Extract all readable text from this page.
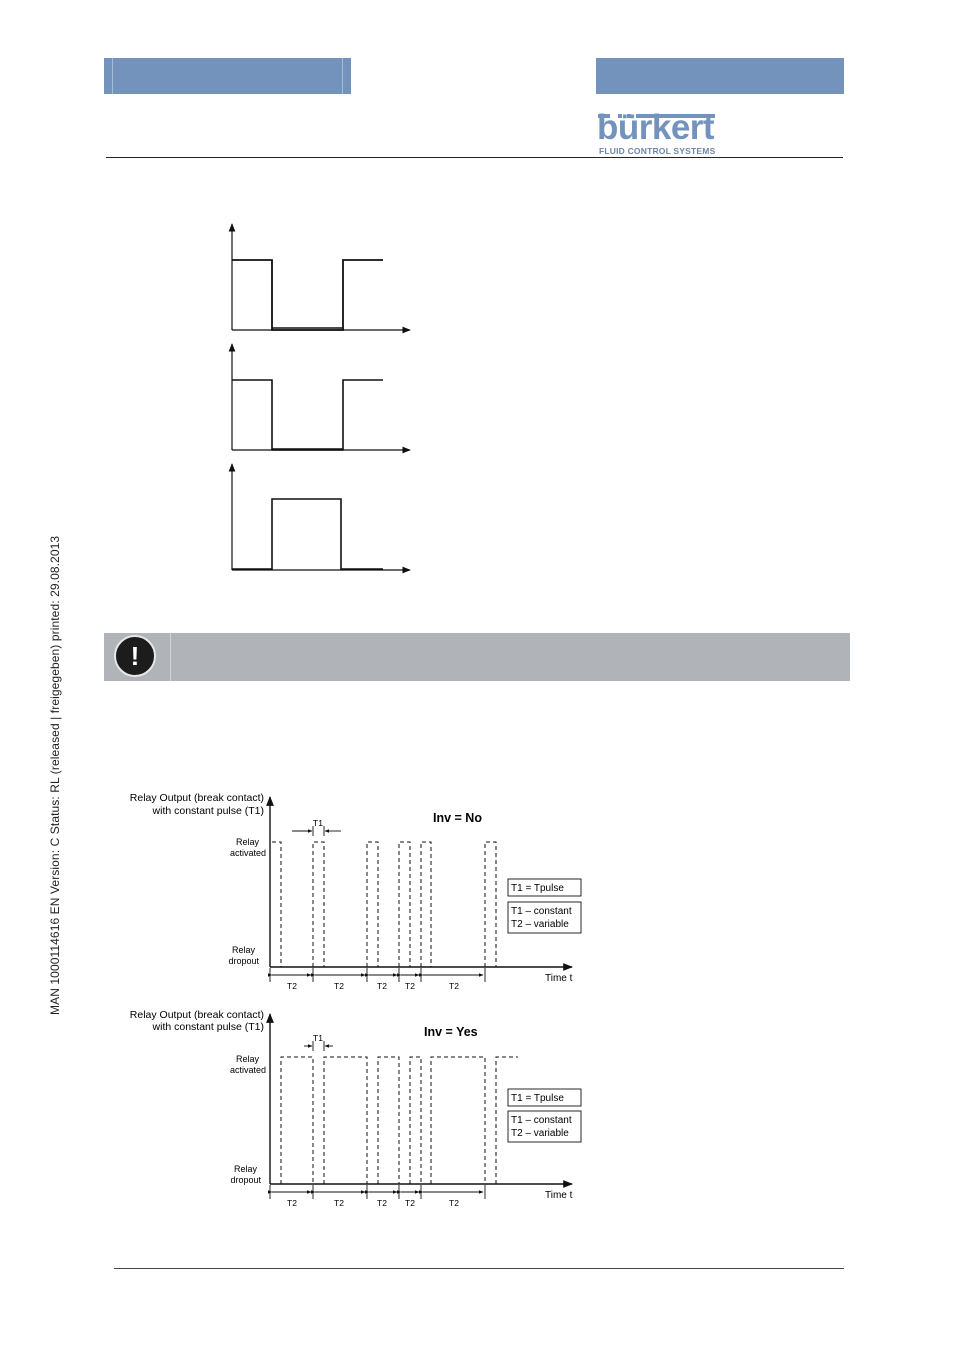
bürkert
FLUID CONTROL SYSTEMS
MAN 1000114616 EN Version: C Status: RL (released | freigegeben) printed: 29.08.2013	!
Relay Output (break contact)
with constant pulse (T1)	Inv = No
Relay
activated
Relay
dropout
Time t
T1
T2	T2	T2 T2	T2
T1 = Tpulse
T1 – constant
T2 – variable
Relay Output (break contact)
with constant pulse (T1)	Inv = Yes
Relay
activated
Relay
dropout
Time t
T1
T2	T2	T2 T2	T2
T1 = Tpulse
T1 – constant
T2 – variable
